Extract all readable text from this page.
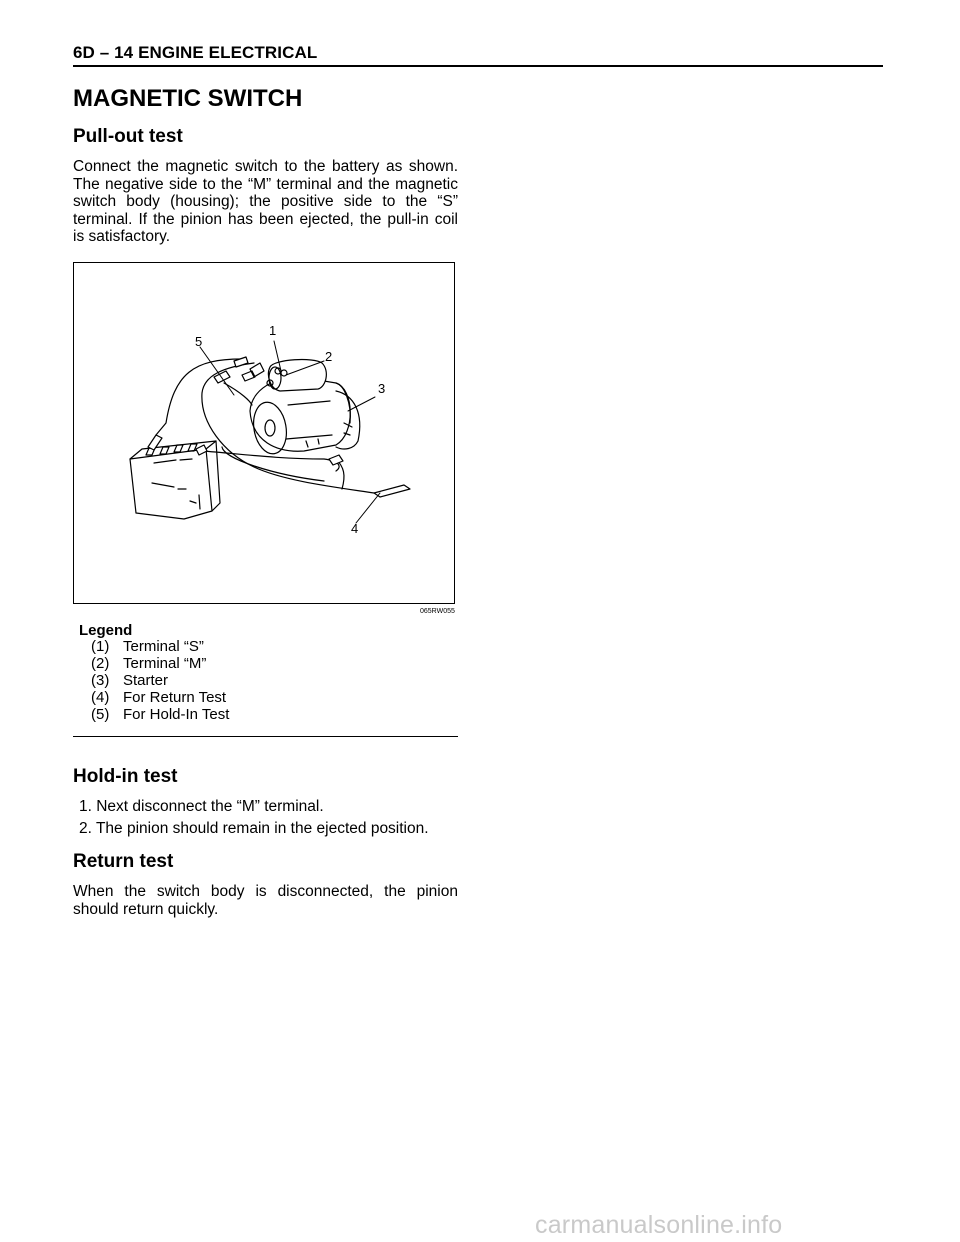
6D – 14 ENGINE ELECTRICAL
MAGNETIC SWITCH
Pull-out test
Connect the magnetic switch to the battery as shown.
The negative side to the “M” terminal and the magnetic
switch body (housing); the positive side to the “S”
terminal. If the pinion has been ejected, the pull-in coil
is satisfactory.
1
2
3
4
5
065RW055
Legend
(1) Terminal “S”
(2) Terminal “M”
(3) Starter
(4) For Return Test
(5) For Hold-In Test
Hold-in test
1. Next disconnect the “M” terminal.
2. The pinion should remain in the ejected position.
Return test
When the switch body is disconnected, the pinion
should return quickly.
carmanualsonline.info
